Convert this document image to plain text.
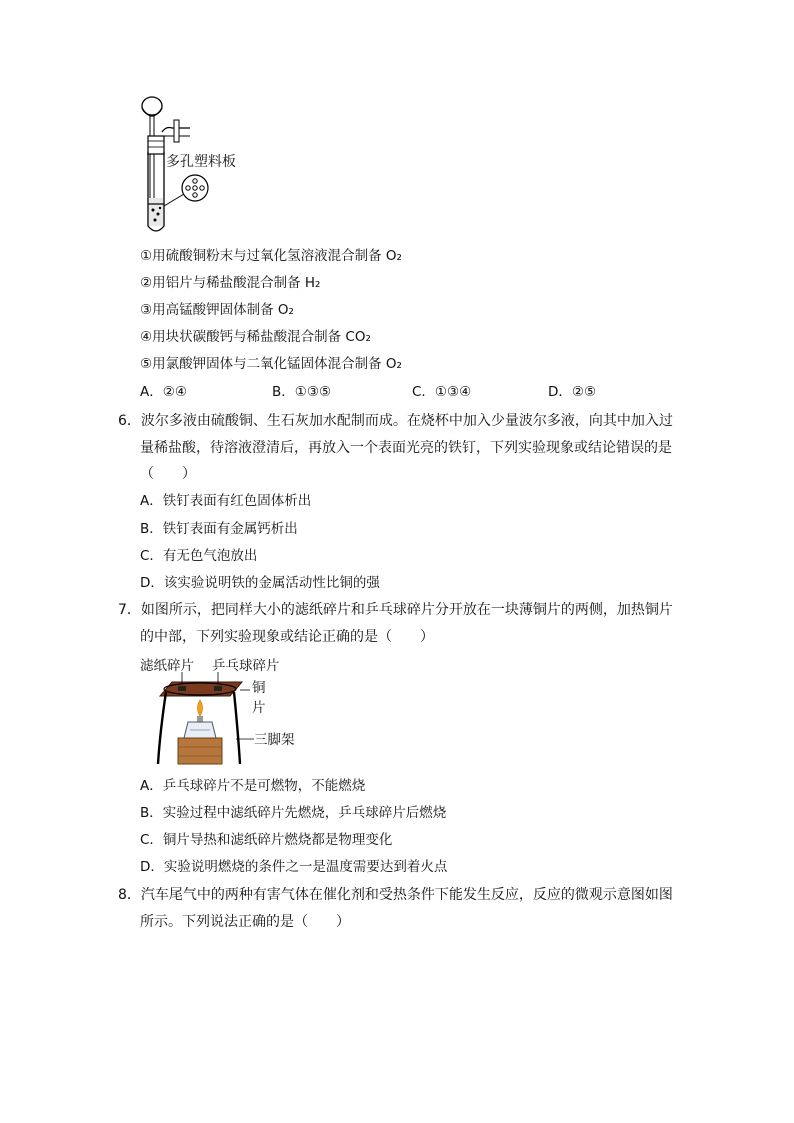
多孔塑料板
①用硫酸铜粉末与过氧化氢溶液混合制备 O₂
②用铝片与稀盐酸混合制备 H₂
③用高锰酸钾固体制备 O₂
④用块状碳酸钙与稀盐酸混合制备 CO₂
⑤用氯酸钾固体与二氧化锰固体混合制备 O₂
A．②④	B．①③⑤	C．①③④	D．②⑤
6．波尔多液由硫酸铜、生石灰加水配制而成。在烧杯中加入少量波尔多液，向其中加入过
量稀盐酸，待溶液澄清后，再放入一个表面光亮的铁钉，下列实验现象或结论错误的是
（　　）
A．铁钉表面有红色固体析出
B．铁钉表面有金属钙析出
C．有无色气泡放出
D．该实验说明铁的金属活动性比铜的强
7．如图所示，把同样大小的滤纸碎片和乒乓球碎片分开放在一块薄铜片的两侧，加热铜片
的中部，下列实验现象或结论正确的是（　　）
滤纸碎片 乒乓球碎片
铜
片
三脚架
A．乒乓球碎片不是可燃物，不能燃烧
B．实验过程中滤纸碎片先燃烧，乒乓球碎片后燃烧
C．铜片导热和滤纸碎片燃烧都是物理变化
D．实验说明燃烧的条件之一是温度需要达到着火点
8．汽车尾气中的两种有害气体在催化剂和受热条件下能发生反应，反应的微观示意图如图
所示。下列说法正确的是（　　）
